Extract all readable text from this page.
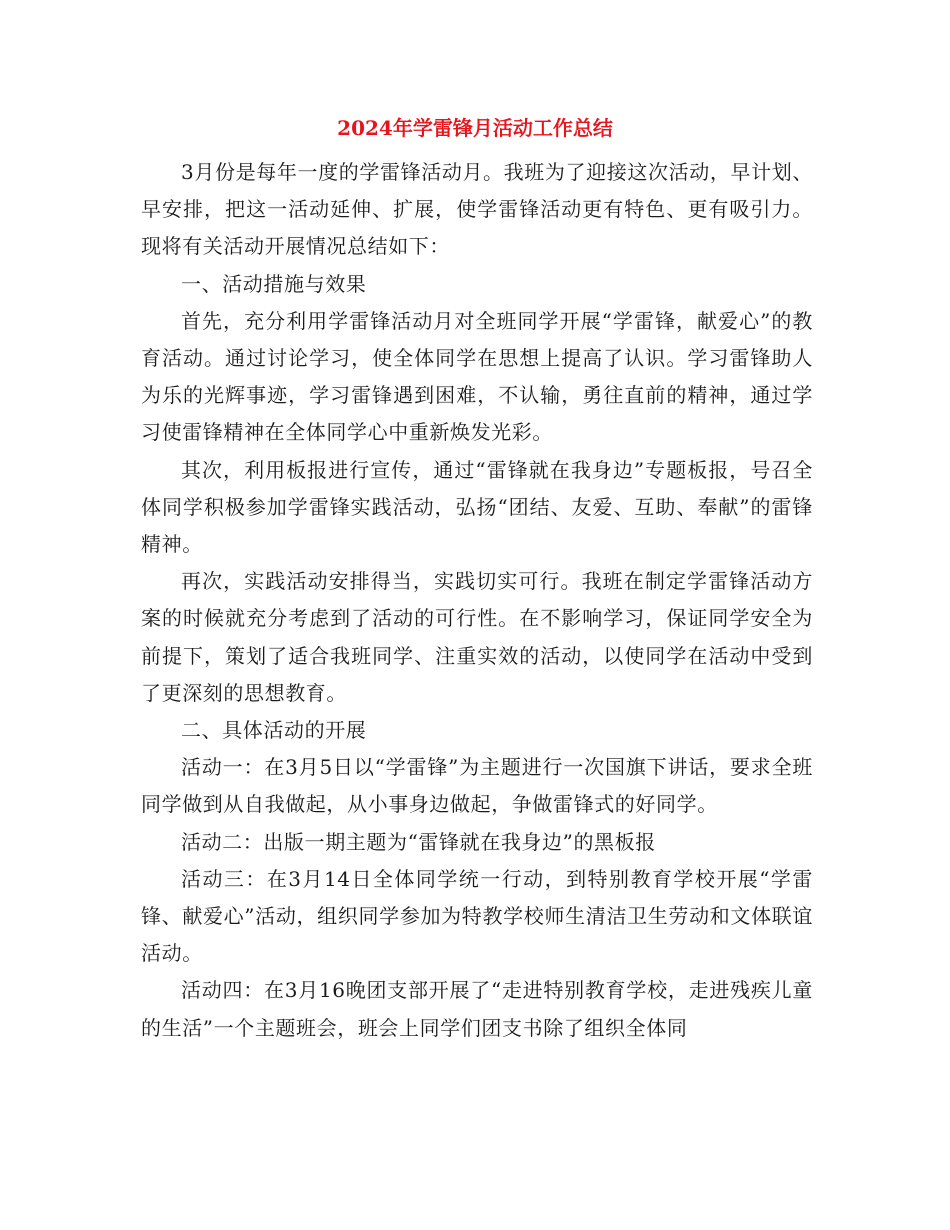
2024年学雷锋月活动工作总结

3月份是每年一度的学雷锋活动月。我班为了迎接这次活动，早计划、早安排，把这一活动延伸、扩展，使学雷锋活动更有特色、更有吸引力。现将有关活动开展情况总结如下：

一、活动措施与效果

首先，充分利用学雷锋活动月对全班同学开展“学雷锋，献爱心”的教育活动。通过讨论学习，使全体同学在思想上提高了认识。学习雷锋助人为乐的光辉事迹，学习雷锋遇到困难，不认输，勇往直前的精神，通过学习使雷锋精神在全体同学心中重新焕发光彩。

其次，利用板报进行宣传，通过“雷锋就在我身边”专题板报，号召全体同学积极参加学雷锋实践活动，弘扬“团结、友爱、互助、奉献”的雷锋精神。

再次，实践活动安排得当，实践切实可行。我班在制定学雷锋活动方案的时候就充分考虑到了活动的可行性。在不影响学习，保证同学安全为前提下，策划了适合我班同学、注重实效的活动，以使同学在活动中受到了更深刻的思想教育。

二、具体活动的开展

活动一：在3月5日以“学雷锋”为主题进行一次国旗下讲话，要求全班同学做到从自我做起，从小事身边做起，争做雷锋式的好同学。

活动二：出版一期主题为“雷锋就在我身边”的黑板报

活动三：在3月14日全体同学统一行动，到特别教育学校开展“学雷锋、献爱心”活动，组织同学参加为特教学校师生清洁卫生劳动和文体联谊活动。

活动四：在3月16晚团支部开展了“走进特别教育学校，走进残疾儿童的生活”一个主题班会，班会上同学们团支书除了组织全体同
